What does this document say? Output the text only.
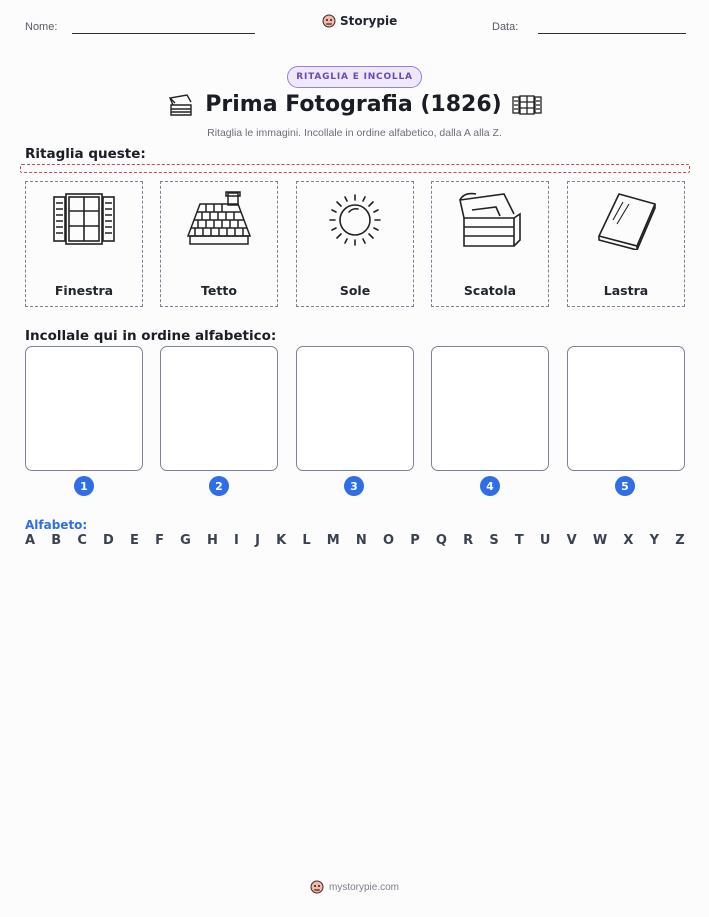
Nome:	Storypie	Data:
RITAGLIA E INCOLLA
Prima Fotografia (1826)
Ritaglia le immagini. Incollale in ordine alfabetico, dalla A alla Z.
Ritaglia queste:
Finestra	Tetto	Sole	Scatola	Lastra
Incollale qui in ordine alfabetico:
1	2	3	4	5
Alfabeto:
A B C D E F G H I J K L M N O P Q R S T U V W X Y Z
mystorypie.com
